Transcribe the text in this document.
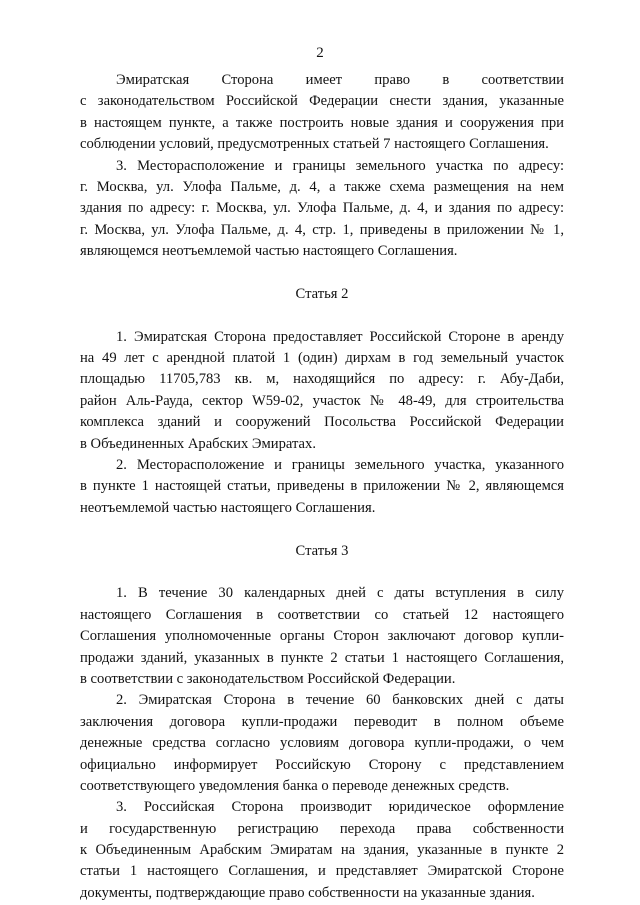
2
Эмиратская Сторона имеет право в соответствии
с законодательством Российской Федерации снести здания, указанные
в настоящем пункте, а также построить новые здания и сооружения при
соблюдении условий, предусмотренных статьей 7 настоящего Соглашения.
3. Месторасположение и границы земельного участка по адресу:
г. Москва, ул. Улофа Пальме, д. 4, а также схема размещения на нем
здания по адресу: г. Москва, ул. Улофа Пальме, д. 4, и здания по адресу:
г. Москва, ул. Улофа Пальме, д. 4, стр. 1, приведены в приложении № 1,
являющемся неотъемлемой частью настоящего Соглашения.
Статья 2
1. Эмиратская Сторона предоставляет Российской Стороне в аренду
на 49 лет с арендной платой 1 (один) дирхам в год земельный участок
площадью 11705,783 кв. м, находящийся по адресу: г. Абу-Даби,
район Аль-Рауда, сектор W59-02, участок № 48-49, для строительства
комплекса зданий и сооружений Посольства Российской Федерации
в Объединенных Арабских Эмиратах.
2. Месторасположение и границы земельного участка, указанного
в пункте 1 настоящей статьи, приведены в приложении № 2, являющемся
неотъемлемой частью настоящего Соглашения.
Статья 3
1. В течение 30 календарных дней с даты вступления в силу
настоящего Соглашения в соответствии со статьей 12 настоящего
Соглашения уполномоченные органы Сторон заключают договор купли-
продажи зданий, указанных в пункте 2 статьи 1 настоящего Соглашения,
в соответствии с законодательством Российской Федерации.
2. Эмиратская Сторона в течение 60 банковских дней с даты
заключения договора купли-продажи переводит в полном объеме
денежные средства согласно условиям договора купли-продажи, о чем
официально информирует Российскую Сторону с представлением
соответствующего уведомления банка о переводе денежных средств.
3. Российская Сторона производит юридическое оформление
и государственную регистрацию перехода права собственности
к Объединенным Арабским Эмиратам на здания, указанные в пункте 2
статьи 1 настоящего Соглашения, и представляет Эмиратской Стороне
документы, подтверждающие право собственности на указанные здания.
